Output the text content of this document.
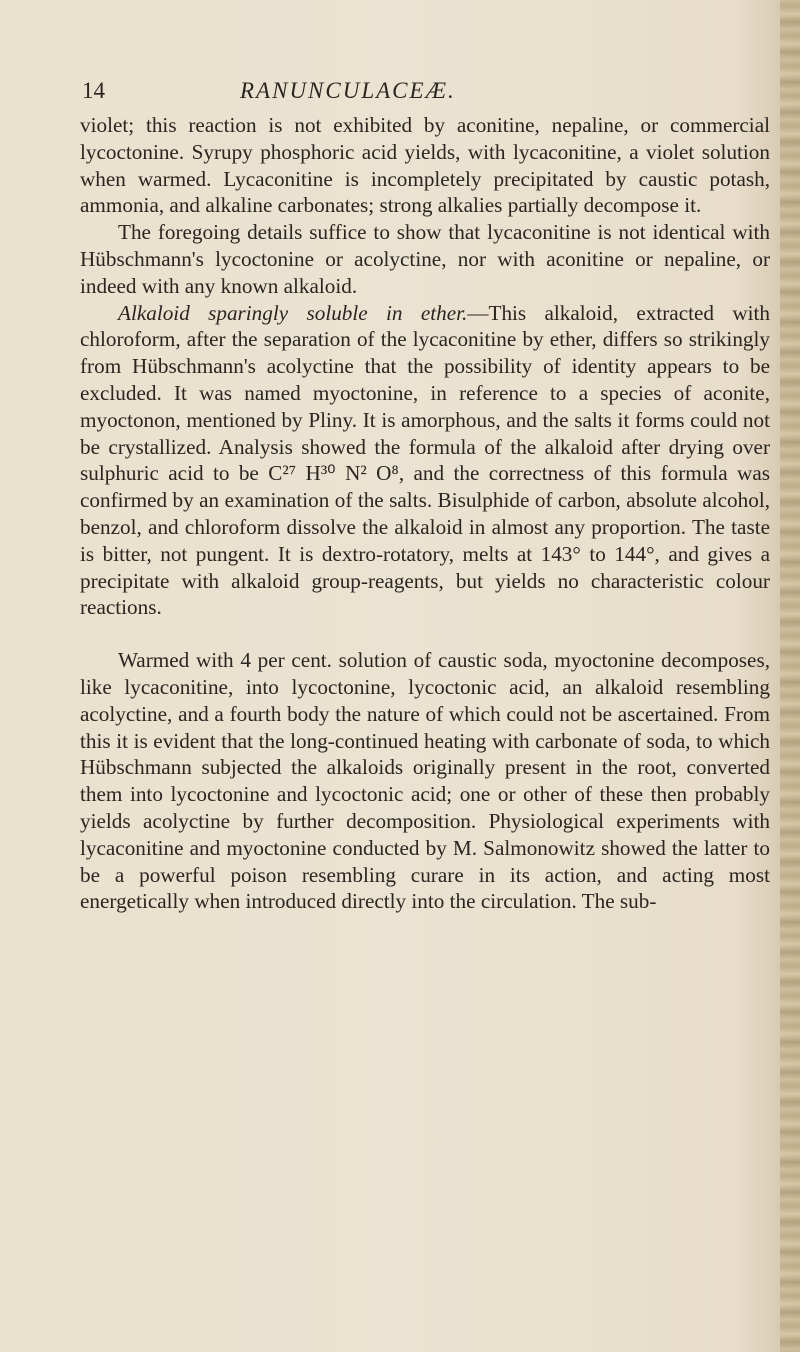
14	RANUNCULACEÆ.

violet; this reaction is not exhibited by aconitine, nepaline, or commercial lycoctonine. Syrupy phosphoric acid yields, with lycaconitine, a violet solution when warmed. Lycaconitine is incompletely precipitated by caustic potash, ammonia, and alkaline carbonates; strong alkalies partially decompose it.

The foregoing details suffice to show that lycaconitine is not identical with Hübschmann's lycoctonine or acolyctine, nor with aconitine or nepaline, or indeed with any known alkaloid.

Alkaloid sparingly soluble in ether.—This alkaloid, extracted with chloroform, after the separation of the lycaconitine by ether, differs so strikingly from Hübschmann's acolyctine that the possibility of identity appears to be excluded. It was named myoctonine, in reference to a species of aconite, myoctonon, mentioned by Pliny. It is amorphous, and the salts it forms could not be crystallized. Analysis showed the formula of the alkaloid after drying over sulphuric acid to be C²⁷ H³⁰ N² O⁸, and the correctness of this formula was confirmed by an examination of the salts. Bisulphide of carbon, absolute alcohol, benzol, and chloroform dissolve the alkaloid in almost any proportion. The taste is bitter, not pungent. It is dextro-rotatory, melts at 143° to 144°, and gives a precipitate with alkaloid group-reagents, but yields no characteristic colour reactions.

Warmed with 4 per cent. solution of caustic soda, myoctonine decomposes, like lycaconitine, into lycoctonine, lycoctonic acid, an alkaloid resembling acolyctine, and a fourth body the nature of which could not be ascertained. From this it is evident that the long-continued heating with carbonate of soda, to which Hübschmann subjected the alkaloids originally present in the root, converted them into lycoctonine and lycoctonic acid; one or other of these then probably yields acolyctine by further decomposition. Physiological experiments with lycaconitine and myoctonine conducted by M. Salmonowitz showed the latter to be a powerful poison resembling curare in its action, and acting most energetically when introduced directly into the circulation. The sub-
